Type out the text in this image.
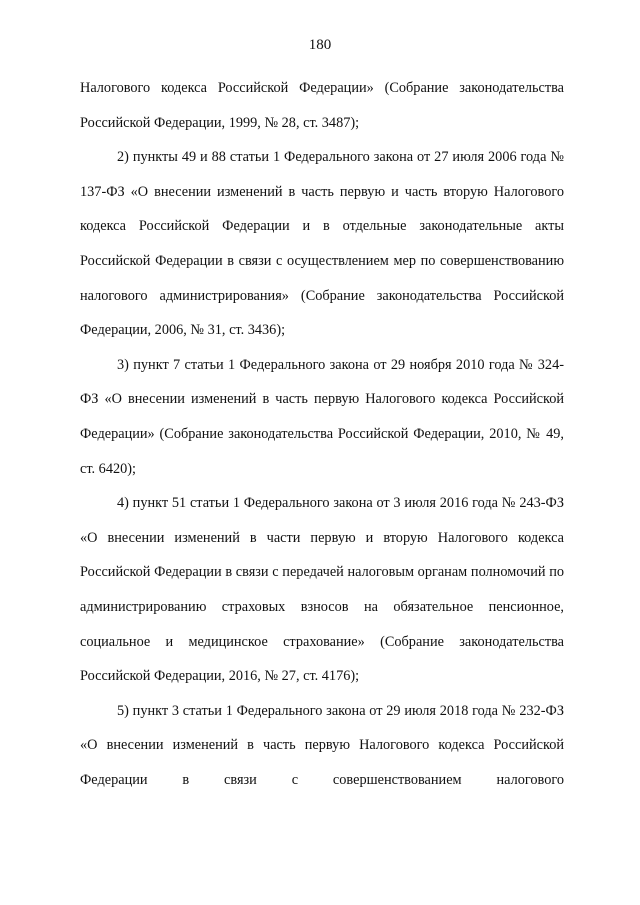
180

Налогового кодекса Российской Федерации» (Собрание законодательства Российской Федерации, 1999, № 28, ст. 3487);

2) пункты 49 и 88 статьи 1 Федерального закона от 27 июля 2006 года № 137-ФЗ «О внесении изменений в часть первую и часть вторую Налогового кодекса Российской Федерации и в отдельные законодательные акты Российской Федерации в связи с осуществлением мер по совершенствованию налогового администрирования» (Собрание законодательства Российской Федерации, 2006, № 31, ст. 3436);

3) пункт 7 статьи 1 Федерального закона от 29 ноября 2010 года № 324-ФЗ «О внесении изменений в часть первую Налогового кодекса Российской Федерации» (Собрание законодательства Российской Федерации, 2010, № 49, ст. 6420);

4) пункт 51 статьи 1 Федерального закона от 3 июля 2016 года № 243-ФЗ «О внесении изменений в части первую и вторую Налогового кодекса Российской Федерации в связи с передачей налоговым органам полномочий по администрированию страховых взносов на обязательное пенсионное, социальное и медицинское страхование» (Собрание законодательства Российской Федерации, 2016, № 27, ст. 4176);

5) пункт 3 статьи 1 Федерального закона от 29 июля 2018 года № 232-ФЗ «О внесении изменений в часть первую Налогового кодекса Российской Федерации в связи с совершенствованием налогового
